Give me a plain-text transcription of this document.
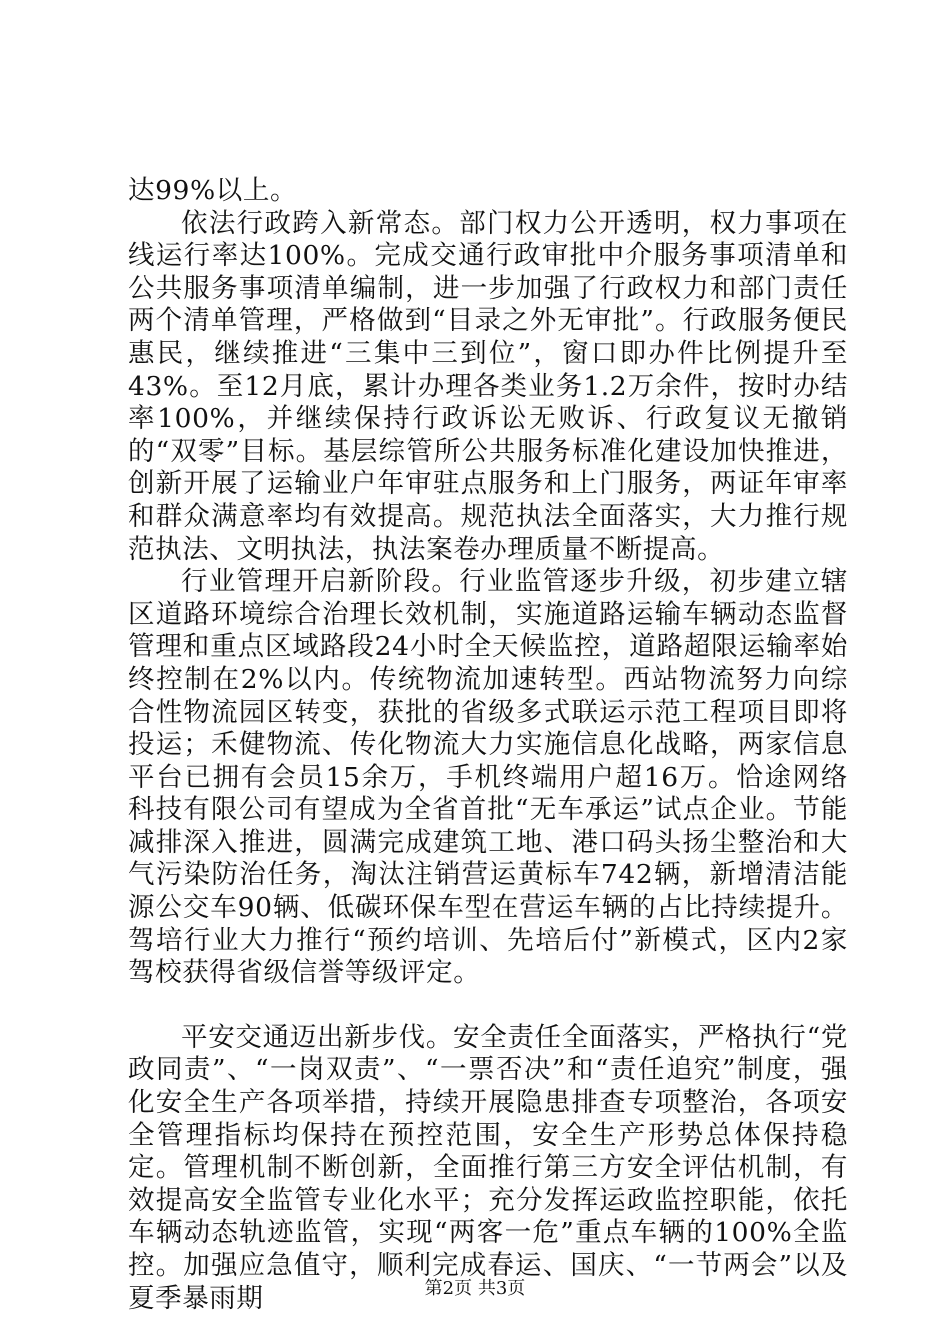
达99%以上。

依法行政跨入新常态。部门权力公开透明，权力事项在线运行率达100%。完成交通行政审批中介服务事项清单和公共服务事项清单编制，进一步加强了行政权力和部门责任两个清单管理，严格做到“目录之外无审批”。行政服务便民惠民，继续推进“三集中三到位”，窗口即办件比例提升至43%。至12月底，累计办理各类业务1.2万余件，按时办结率100%，并继续保持行政诉讼无败诉、行政复议无撤销的“双零”目标。基层综管所公共服务标准化建设加快推进，创新开展了运输业户年审驻点服务和上门服务，两证年审率和群众满意率均有效提高。规范执法全面落实，大力推行规范执法、文明执法，执法案卷办理质量不断提高。

行业管理开启新阶段。行业监管逐步升级，初步建立辖区道路环境综合治理长效机制，实施道路运输车辆动态监督管理和重点区域路段24小时全天候监控，道路超限运输率始终控制在2%以内。传统物流加速转型。西站物流努力向综合性物流园区转变，获批的省级多式联运示范工程项目即将投运；禾健物流、传化物流大力实施信息化战略，两家信息平台已拥有会员15余万，手机终端用户超16万。恰途网络科技有限公司有望成为全省首批“无车承运”试点企业。节能减排深入推进，圆满完成建筑工地、港口码头扬尘整治和大气污染防治任务，淘汰注销营运黄标车742辆，新增清洁能源公交车90辆、低碳环保车型在营运车辆的占比持续提升。驾培行业大力推行“预约培训、先培后付”新模式，区内2家驾校获得省级信誉等级评定。

平安交通迈出新步伐。安全责任全面落实，严格执行“党政同责”、“一岗双责”、“一票否决”和“责任追究”制度，强化安全生产各项举措，持续开展隐患排查专项整治，各项安全管理指标均保持在预控范围，安全生产形势总体保持稳定。管理机制不断创新，全面推行第三方安全评估机制，有效提高安全监管专业化水平；充分发挥运政监控职能，依托车辆动态轨迹监管，实现“两客一危”重点车辆的100%全监控。加强应急值守，顺利完成春运、国庆、“一节两会”以及夏季暴雨期	第2页 共3页
